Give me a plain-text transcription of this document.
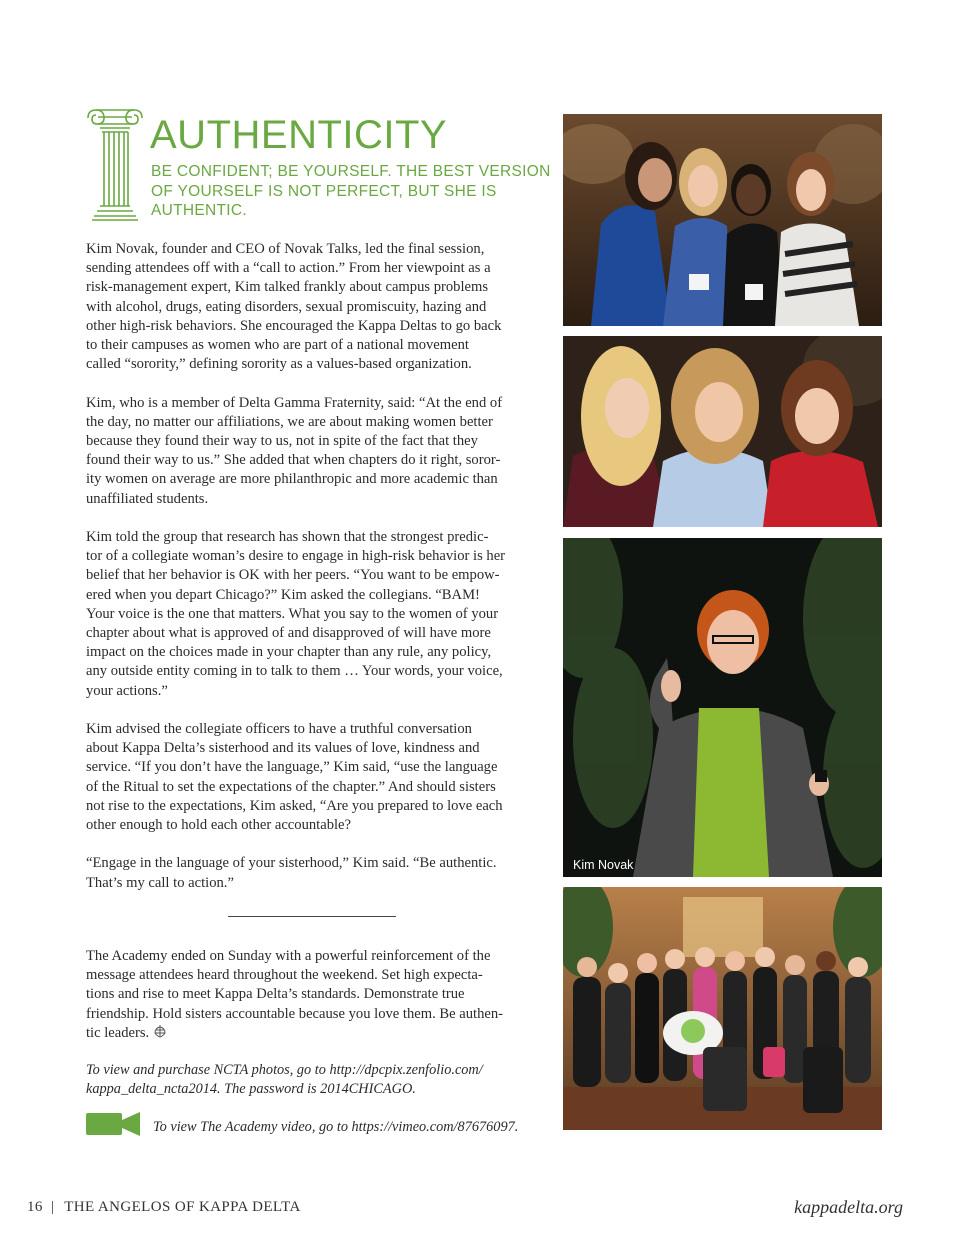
AUTHENTICITY
BE CONFIDENT; BE YOURSELF. THE BEST VERSION OF YOURSELF IS NOT PERFECT, BUT SHE IS AUTHENTIC.

Kim Novak, founder and CEO of Novak Talks, led the final session,
sending attendees off with a “call to action.” From her viewpoint as a
risk-management expert, Kim talked frankly about campus problems
with alcohol, drugs, eating disorders, sexual promiscuity, hazing and
other high-risk behaviors. She encouraged the Kappa Deltas to go back
to their campuses as women who are part of a national movement
called “sorority,” defining sorority as a values-based organization.

Kim, who is a member of Delta Gamma Fraternity, said: “At the end of
the day, no matter our affiliations, we are about making women better
because they found their way to us, not in spite of the fact that they
found their way to us.” She added that when chapters do it right, soror-
ity women on average are more philanthropic and more academic than
unaffiliated students.

Kim told the group that research has shown that the strongest predic-
tor of a collegiate woman’s desire to engage in high-risk behavior is her
belief that her behavior is OK with her peers. “You want to be empow-
ered when you depart Chicago?” Kim asked the collegians. “BAM!
Your voice is the one that matters. What you say to the women of your
chapter about what is approved of and disapproved of will have more
impact on the choices made in your chapter than any rule, any policy,
any outside entity coming in to talk to them … Your words, your voice,
your actions.”

Kim advised the collegiate officers to have a truthful conversation
about Kappa Delta’s sisterhood and its values of love, kindness and
service. “If you don’t have the language,” Kim said, “use the language
of the Ritual to set the expectations of the chapter.” And should sisters
not rise to the expectations, Kim asked, “Are you prepared to love each
other enough to hold each other accountable?

“Engage in the language of your sisterhood,” Kim said. “Be authentic.
That’s my call to action.”

The Academy ended on Sunday with a powerful reinforcement of the
message attendees heard throughout the weekend. Set high expecta-
tions and rise to meet Kappa Delta’s standards. Demonstrate true
friendship. Hold sisters accountable because you love them. Be authen-
tic leaders.
To view and purchase NCTA photos, go to http://dpcpix.zenfolio.com/
kappa_delta_ncta2014. The password is 2014CHICAGO.
To view The Academy video, go to https://vimeo.com/87676097.
Kim Novak
16 | THE ANGELOS OF KAPPA DELTA	kappadelta.org
